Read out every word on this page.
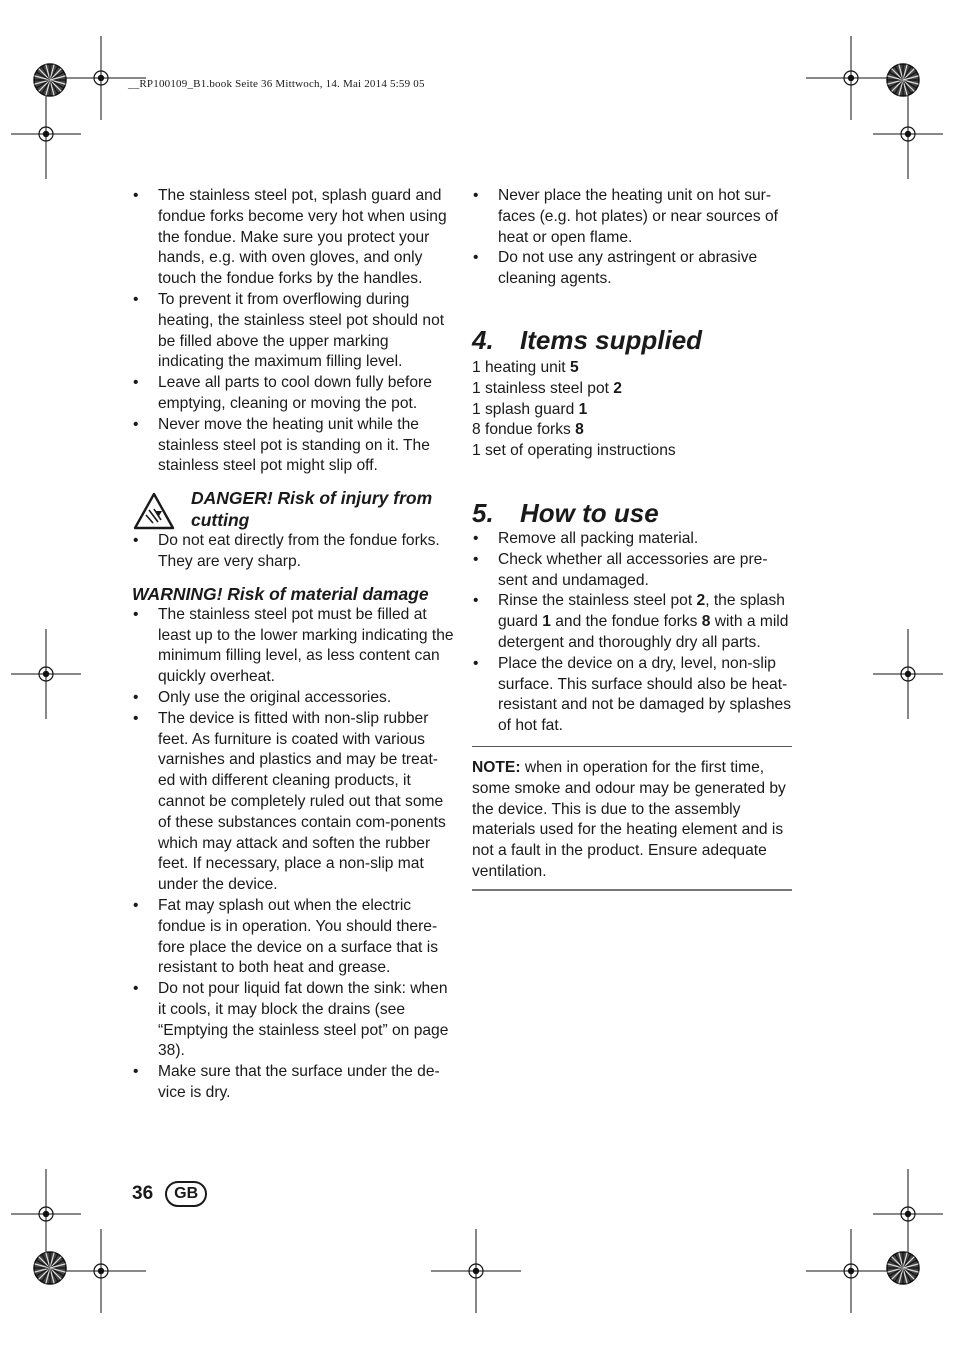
__RP100109_B1.book Seite 36 Mittwoch, 14. Mai 2014 5:59 05
• The stainless steel pot, splash guard and fondue forks become very hot when using the fondue. Make sure you protect your hands, e.g. with oven gloves, and only touch the fondue forks by the handles.
• To prevent it from overflowing during heating, the stainless steel pot should not be filled above the upper marking indicating the maximum filling level.
• Leave all parts to cool down fully before emptying, cleaning or moving the pot.
• Never move the heating unit while the stainless steel pot is standing on it. The stainless steel pot might slip off.
DANGER! Risk of injury from cutting
• Do not eat directly from the fondue forks. They are very sharp.
WARNING! Risk of material damage
• The stainless steel pot must be filled at least up to the lower marking indicating the minimum filling level, as less content can quickly overheat.
• Only use the original accessories.
• The device is fitted with non-slip rubber feet. As furniture is coated with various varnishes and plastics and may be treat-ed with different cleaning products, it cannot be completely ruled out that some of these substances contain com-ponents which may attack and soften the rubber feet. If necessary, place a non-slip mat under the device.
• Fat may splash out when the electric fondue is in operation. You should there-fore place the device on a surface that is resistant to both heat and grease.
• Do not pour liquid fat down the sink: when it cools, it may block the drains (see “Emptying the stainless steel pot” on page 38).
• Make sure that the surface under the de-vice is dry.
• Never place the heating unit on hot sur-faces (e.g. hot plates) or near sources of heat or open flame.
• Do not use any astringent or abrasive cleaning agents.
4.	Items supplied
1 heating unit 5
1 stainless steel pot 2
1 splash guard 1
8 fondue forks 8
1 set of operating instructions
5.	How to use
• Remove all packing material.
• Check whether all accessories are pre-sent and undamaged.
• Rinse the stainless steel pot 2, the splash guard 1 and the fondue forks 8 with a mild detergent and thoroughly dry all parts.
• Place the device on a dry, level, non-slip surface. This surface should also be heat-resistant and not be damaged by splashes of hot fat.
NOTE: when in operation for the first time, some smoke and odour may be generated by the device. This is due to the assembly materials used for the heating element and is not a fault in the product. Ensure adequate ventilation.
36	GB
